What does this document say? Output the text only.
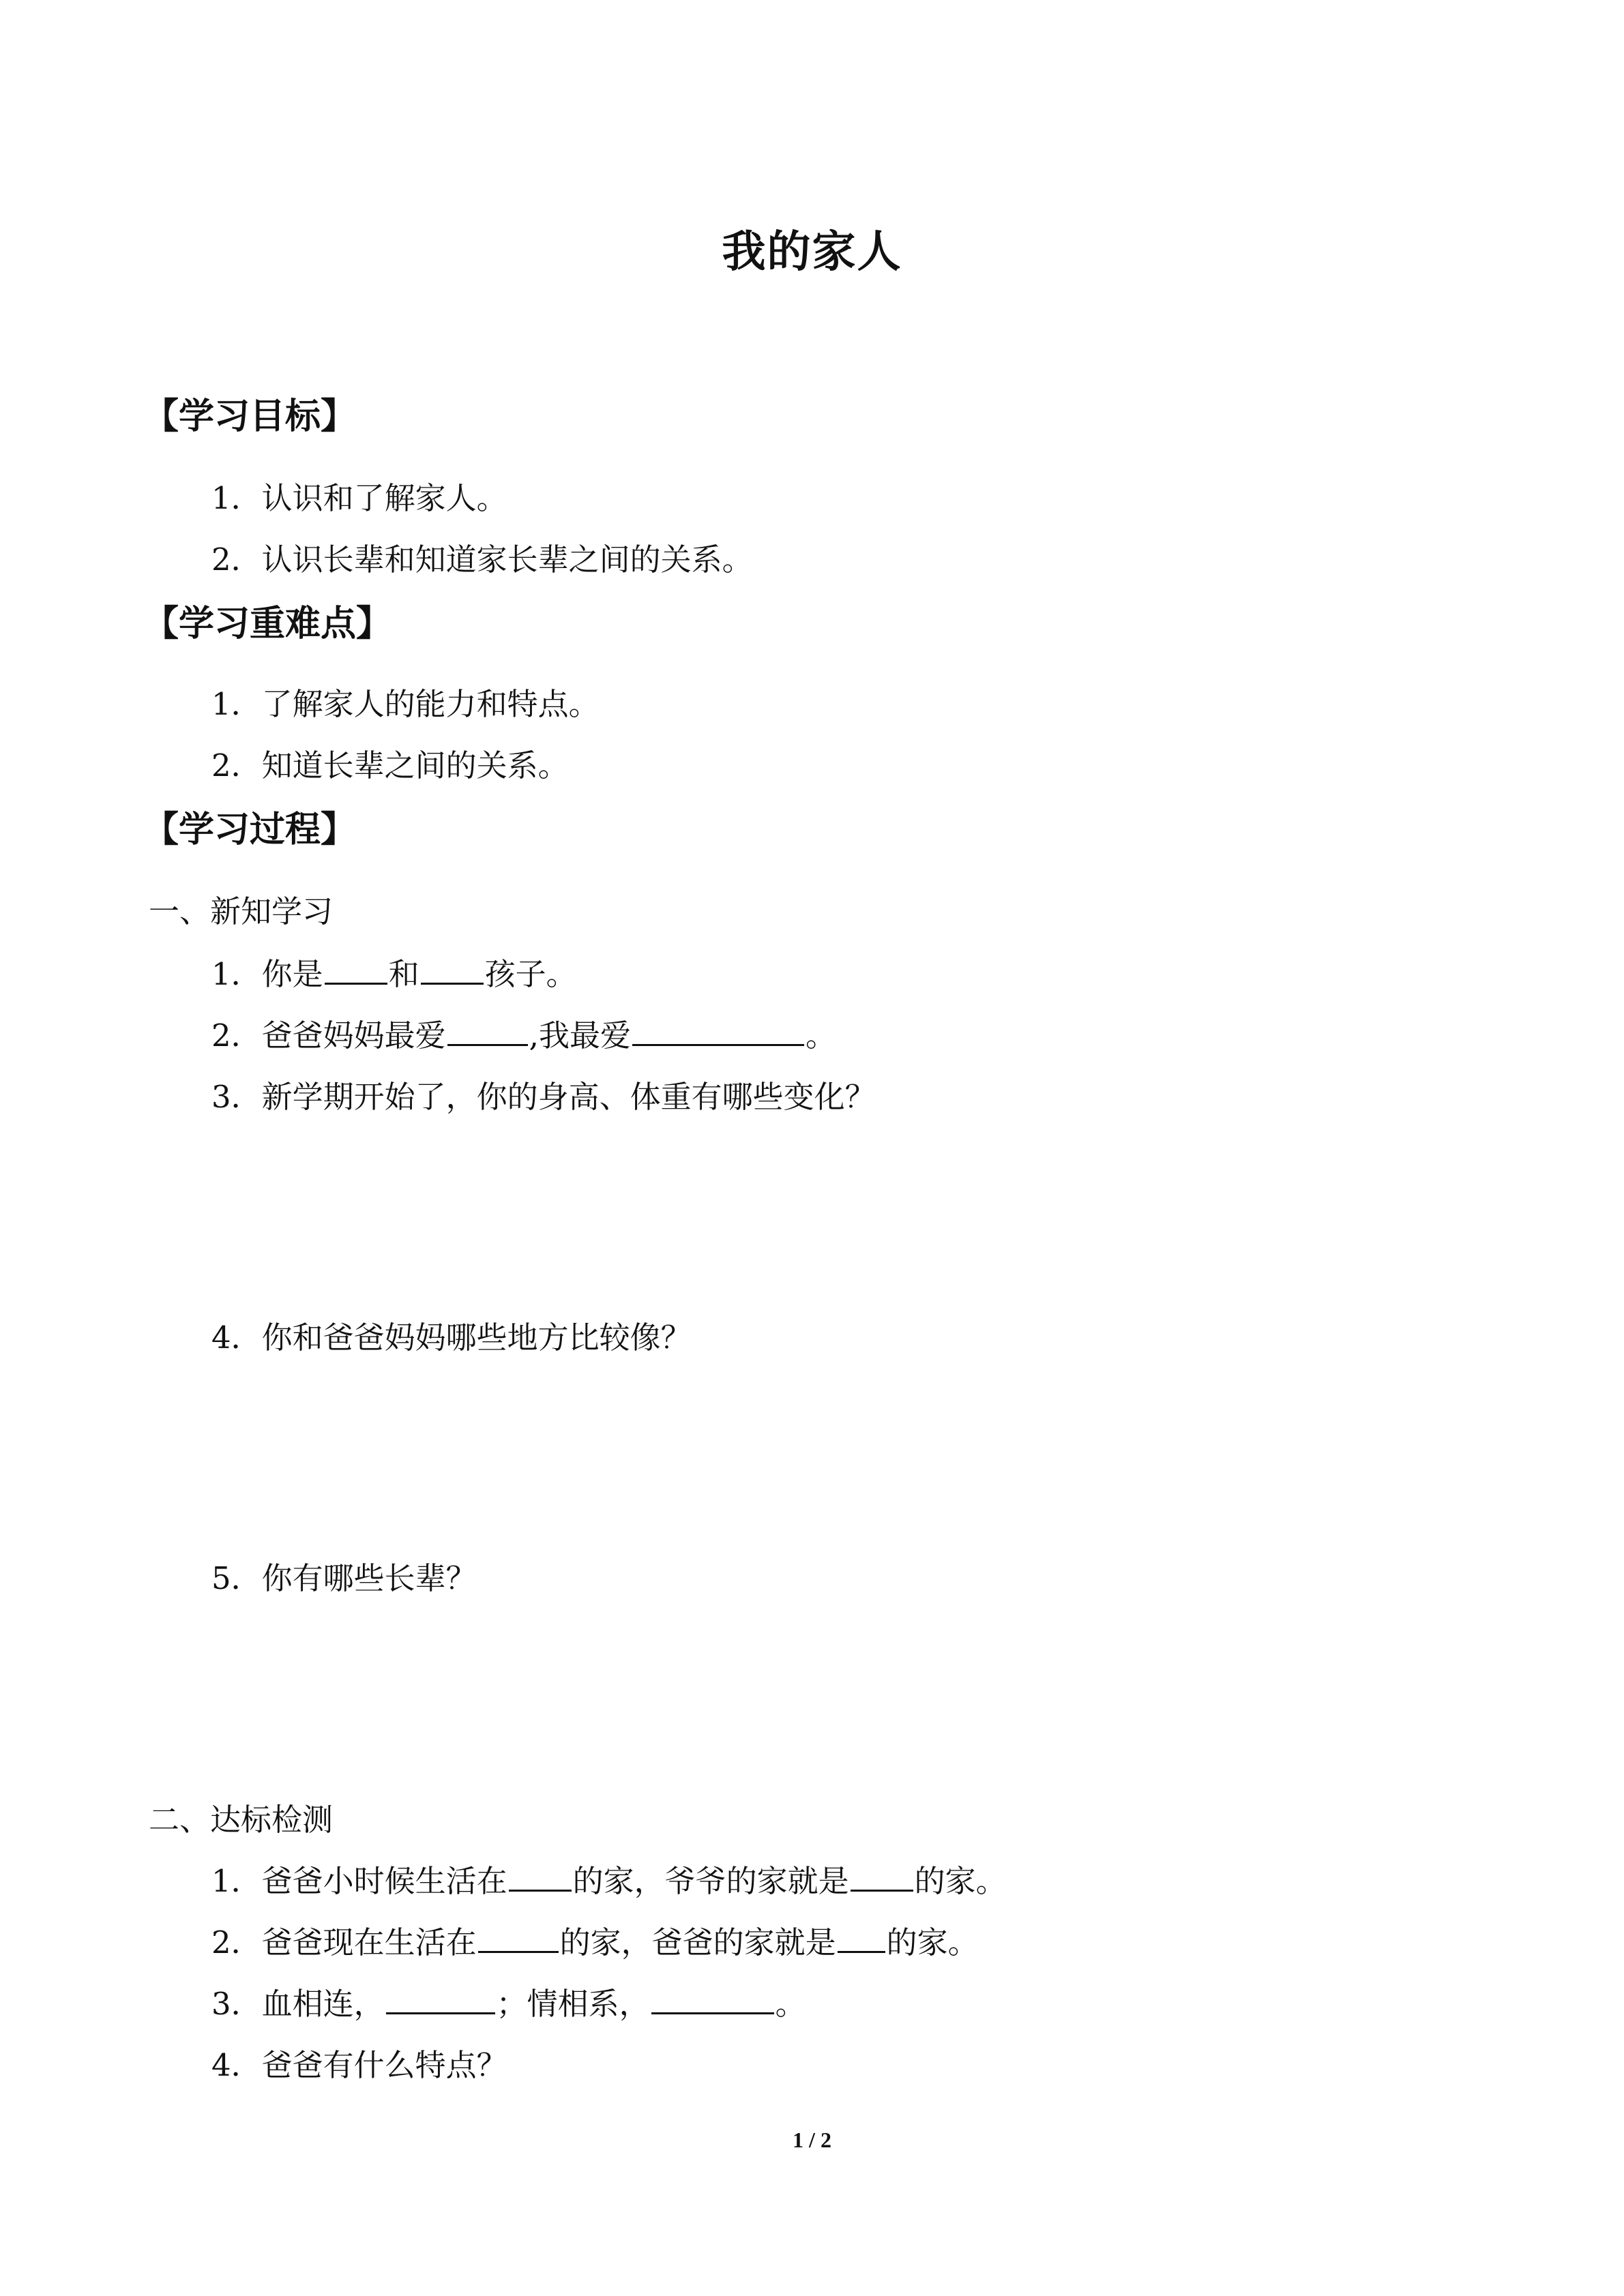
我的家人
【学习目标】
1．认识和了解家人。
2．认识长辈和知道家长辈之间的关系。
【学习重难点】
1．了解家人的能力和特点。
2．知道长辈之间的关系。
【学习过程】
一、新知学习
1．你是 和 孩子。
2．爸爸妈妈最爱	,我最爱	。
3．新学期开始了，你的身高、体重有哪些变化？
4．你和爸爸妈妈哪些地方比较像？
5．你有哪些长辈？
二、达标检测
1．爸爸小时候生活在 的家，爷爷的家就是 的家。
2．爸爸现在生活在	的家，爸爸的家就是 的家。
3．血相连，	；情相系，	。
4．爸爸有什么特点？
1 / 2
